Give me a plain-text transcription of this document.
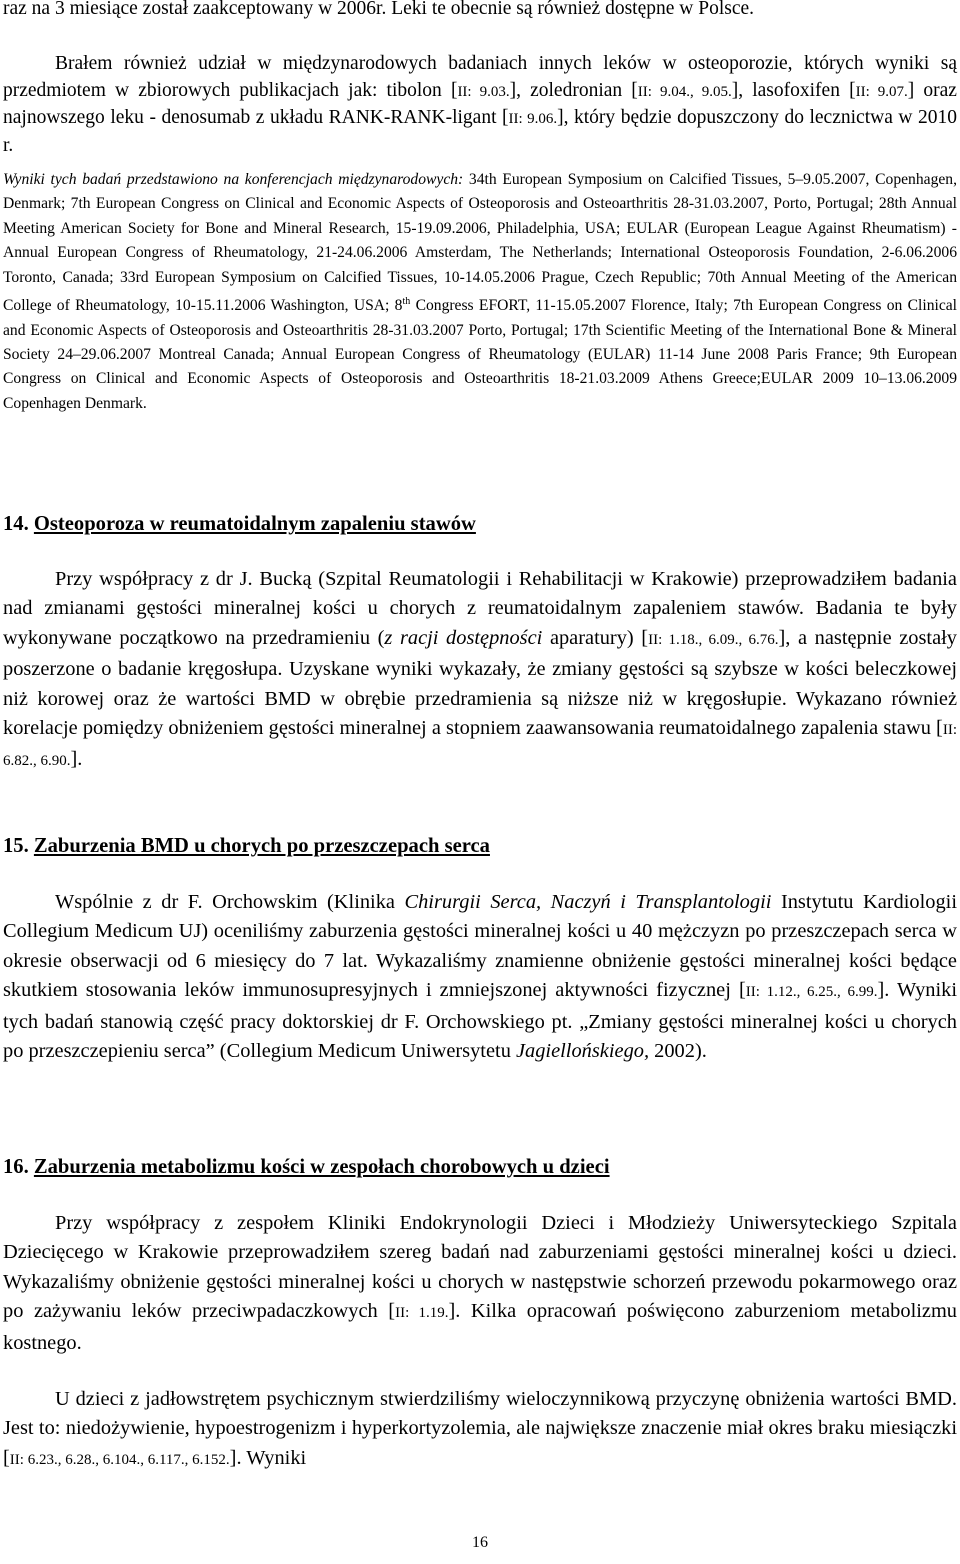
raz na 3 miesiące został zaakceptowany w 2006r. Leki te obecnie są również dostępne w Polsce.

Brałem również udział w międzynarodowych badaniach innych leków w osteoporozie, których wyniki są przedmiotem w zbiorowych publikacjach jak: tibolon [II: 9.03.], zoledronian [II: 9.04., 9.05.], lasofoxifen [II: 9.07.] oraz najnowszego leku - denosumab z układu RANK-RANK-ligant [II: 9.06.], który będzie dopuszczony do lecznictwa w 2010 r.

Wyniki tych badań przedstawiono na konferencjach międzynarodowych: 34th European Symposium on Calcified Tissues, 5–9.05.2007, Copenhagen, Denmark; 7th European Congress on Clinical and Economic Aspects of Osteoporosis and Osteoarthritis 28-31.03.2007, Porto, Portugal; 28th Annual Meeting American Society for Bone and Mineral Research, 15-19.09.2006, Philadelphia, USA; EULAR (European League Against Rheumatism) - Annual European Congress of Rheumatology, 21-24.06.2006 Amsterdam, The Netherlands; International Osteoporosis Foundation, 2-6.06.2006 Toronto, Canada; 33rd European Symposium on Calcified Tissues, 10-14.05.2006 Prague, Czech Republic; 70th Annual Meeting of the American College of Rheumatology, 10-15.11.2006 Washington, USA; 8th Congress EFORT, 11-15.05.2007 Florence, Italy; 7th European Congress on Clinical and Economic Aspects of Osteoporosis and Osteoarthritis 28-31.03.2007 Porto, Portugal; 17th Scientific Meeting of the International Bone & Mineral Society 24–29.06.2007 Montreal Canada; Annual European Congress of Rheumatology (EULAR) 11-14 June 2008 Paris France; 9th European Congress on Clinical and Economic Aspects of Osteoporosis and Osteoarthritis 18-21.03.2009 Athens Greece;EULAR 2009 10–13.06.2009 Copenhagen Denmark.

14. Osteoporoza w reumatoidalnym zapaleniu stawów

Przy współpracy z dr J. Bucką (Szpital Reumatologii i Rehabilitacji w Krakowie) przeprowadziłem badania nad zmianami gęstości mineralnej kości u chorych z reumatoidalnym zapaleniem stawów. Badania te były wykonywane początkowo na przedramieniu (z racji dostępności aparatury) [II: 1.18., 6.09., 6.76.], a następnie zostały poszerzone o badanie kręgosłupa. Uzyskane wyniki wykazały, że zmiany gęstości są szybsze w kości beleczkowej niż korowej oraz że wartości BMD w obrębie przedramienia są niższe niż w kręgosłupie. Wykazano również korelacje pomiędzy obniżeniem gęstości mineralnej a stopniem zaawansowania reumatoidalnego zapalenia stawu [II: 6.82., 6.90.].

15. Zaburzenia BMD u chorych po przeszczepach serca

Wspólnie z dr F. Orchowskim (Klinika Chirurgii Serca, Naczyń i Transplantologii Instytutu Kardiologii Collegium Medicum UJ) oceniliśmy zaburzenia gęstości mineralnej kości u 40 mężczyzn po przeszczepach serca w okresie obserwacji od 6 miesięcy do 7 lat. Wykazaliśmy znamienne obniżenie gęstości mineralnej kości będące skutkiem stosowania leków immunosupresyjnych i zmniejszonej aktywności fizycznej [II: 1.12., 6.25., 6.99.]. Wyniki tych badań stanowią część pracy doktorskiej dr F. Orchowskiego pt. „Zmiany gęstości mineralnej kości u chorych po przeszczepieniu serca” (Collegium Medicum Uniwersytetu Jagiellońskiego, 2002).

16. Zaburzenia metabolizmu kości w zespołach chorobowych u dzieci

Przy współpracy z zespołem Kliniki Endokrynologii Dzieci i Młodzieży Uniwersyteckiego Szpitala Dziecięcego w Krakowie przeprowadziłem szereg badań nad zaburzeniami gęstości mineralnej kości u dzieci. Wykazaliśmy obniżenie gęstości mineralnej kości u chorych w następstwie schorzeń przewodu pokarmowego oraz po zażywaniu leków przeciwpadaczkowych [II: 1.19.]. Kilka opracowań poświęcono zaburzeniom metabolizmu kostnego.

U dzieci z jadłowstrętem psychicznym stwierdziliśmy wieloczynnikową przyczynę obniżenia wartości BMD. Jest to: niedożywienie, hypoestrogenizm i hyperkortyzolemia, ale największe znaczenie miał okres braku miesiączki [II: 6.23., 6.28., 6.104., 6.117., 6.152.]. Wyniki

16
